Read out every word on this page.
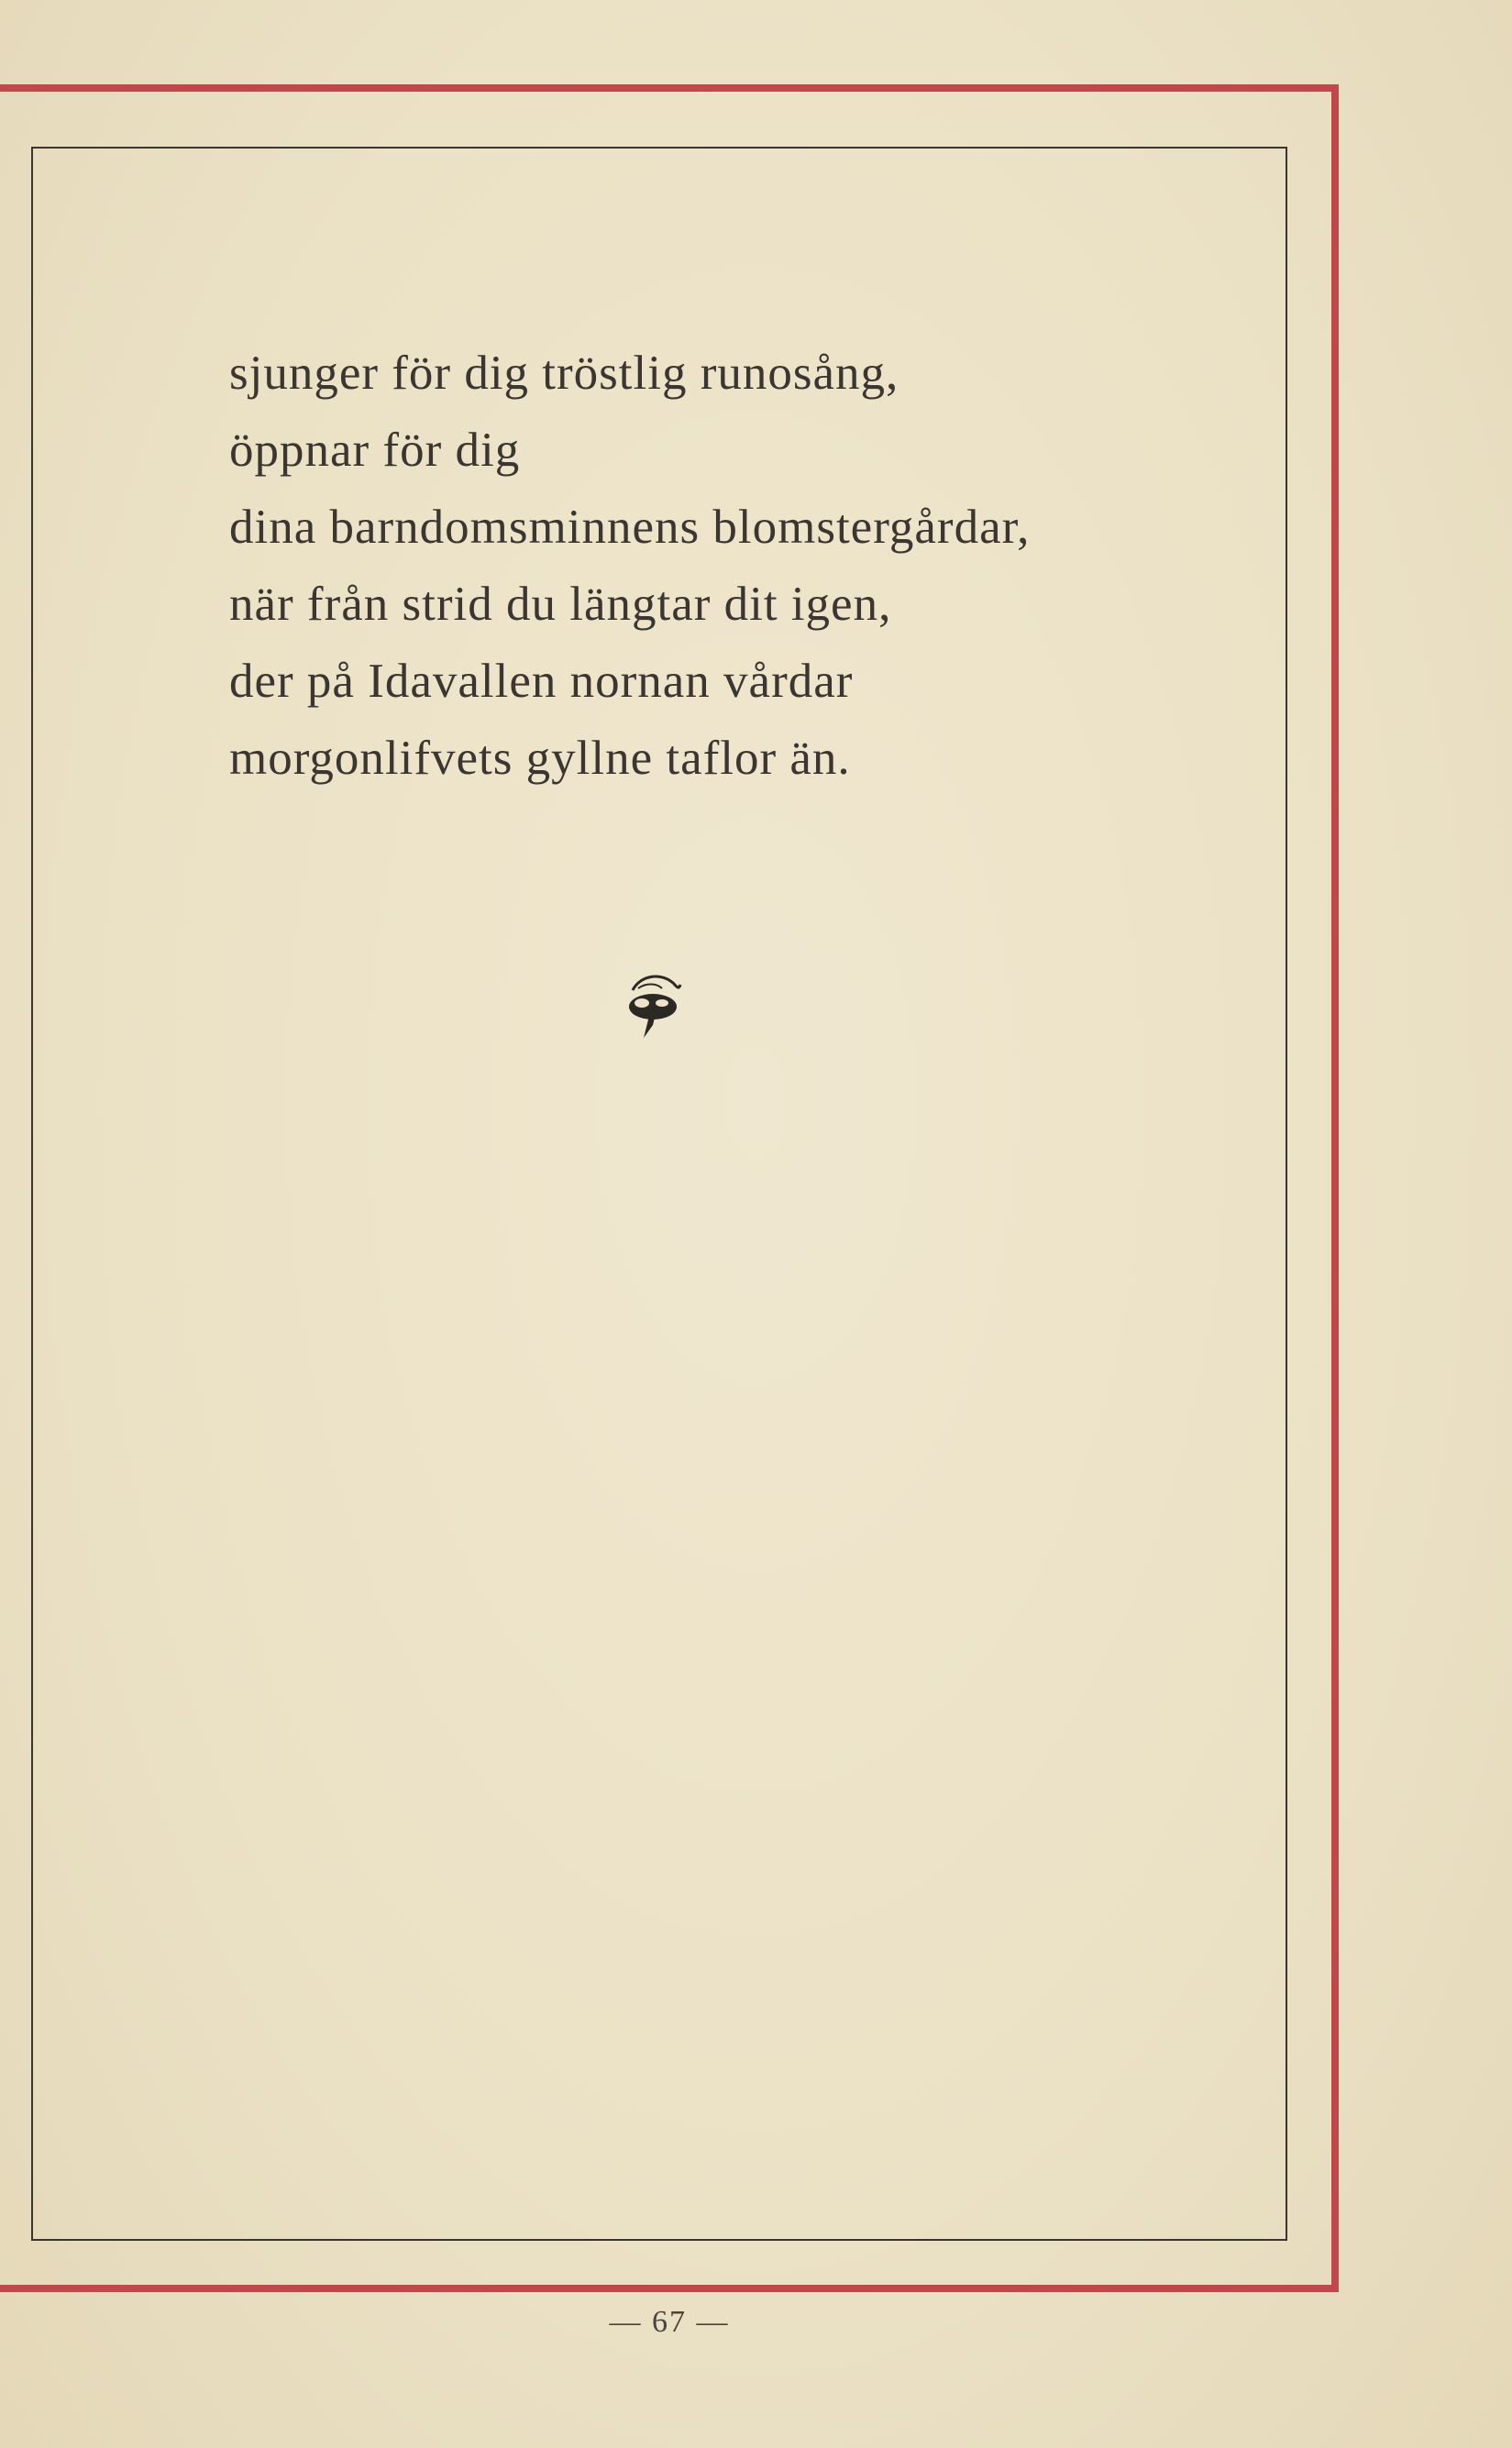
sjunger för dig tröstlig runosång,
öppnar för dig
dina barndomsminnens blomstergårdar,
när från strid du längtar dit igen,
der på Idavallen nornan vårdar
morgonlifvets gyllne taflor än.
— 67 —
